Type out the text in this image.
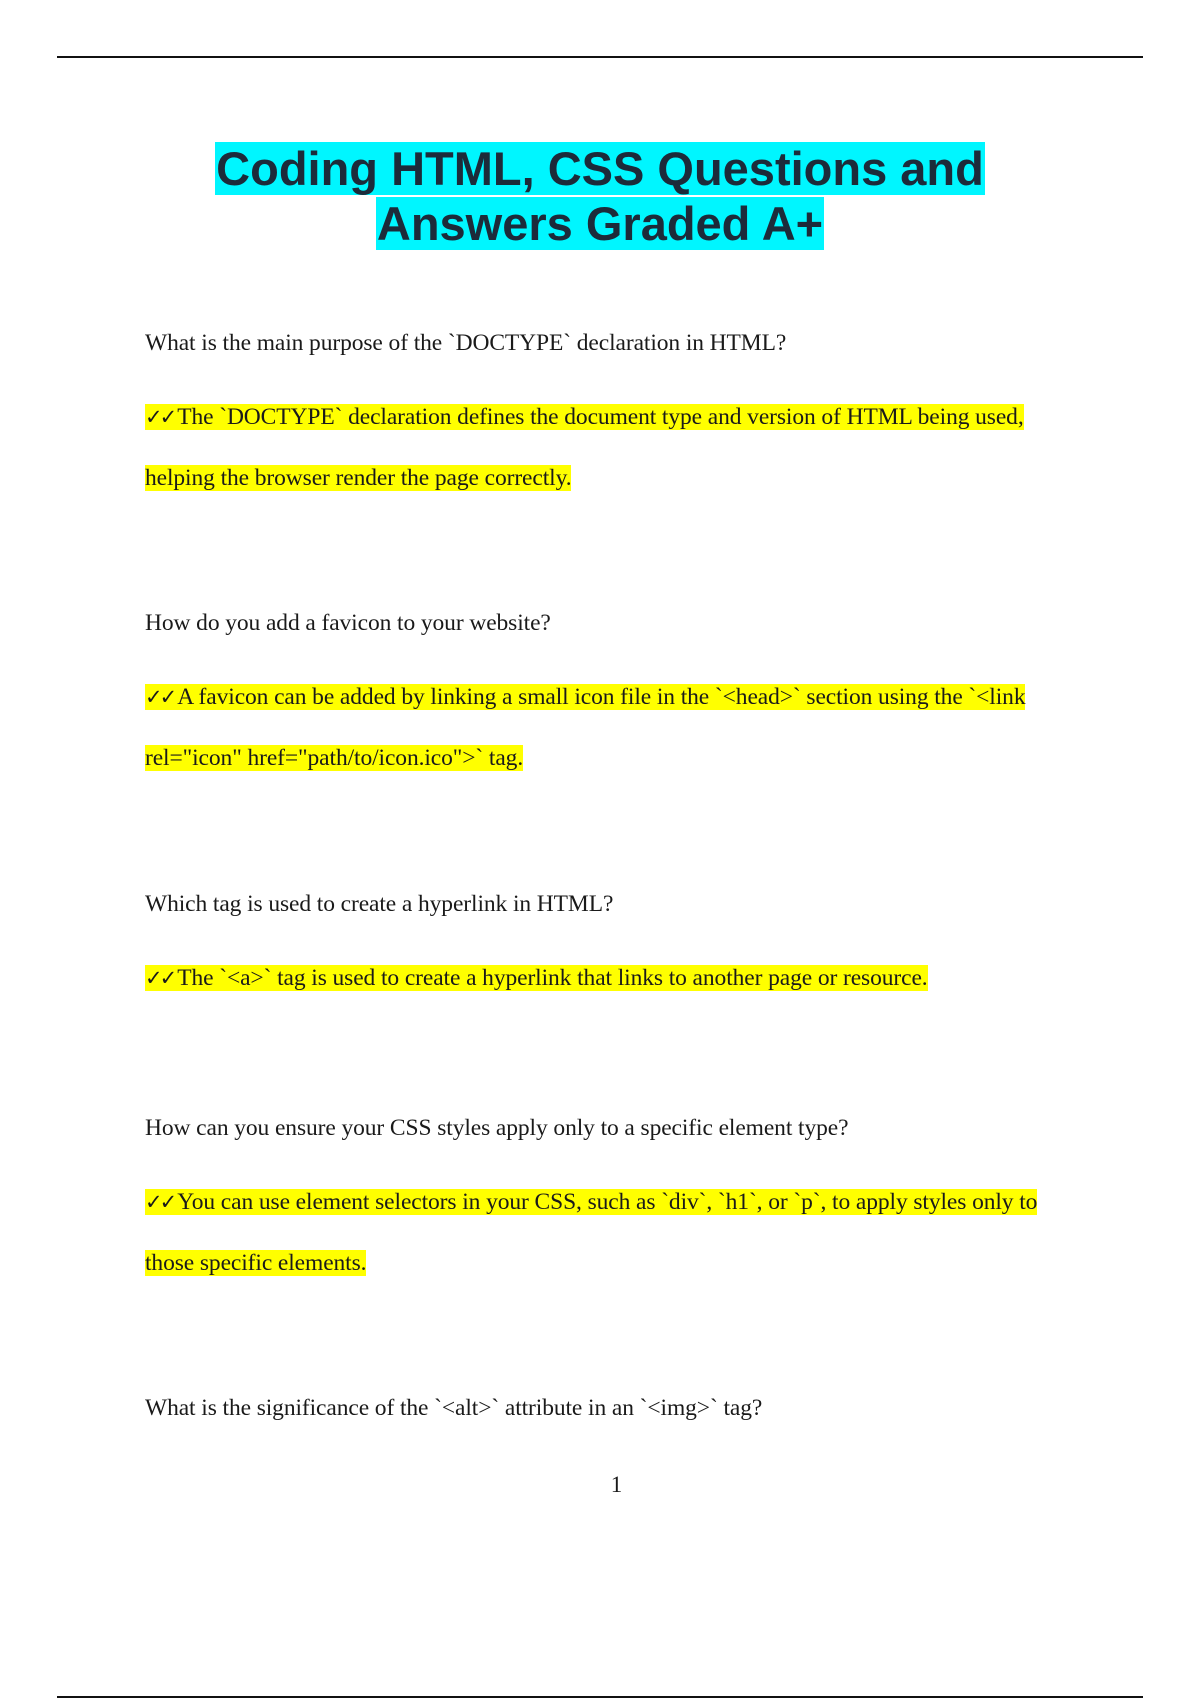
Coding HTML, CSS Questions and
Answers Graded A+

What is the main purpose of the `DOCTYPE` declaration in HTML?

✓✓ The `DOCTYPE` declaration defines the document type and version of HTML being used, helping the browser render the page correctly.

How do you add a favicon to your website?

✓✓ A favicon can be added by linking a small icon file in the `<head>` section using the `<link rel="icon" href="path/to/icon.ico">` tag.

Which tag is used to create a hyperlink in HTML?

✓✓ The `<a>` tag is used to create a hyperlink that links to another page or resource.

How can you ensure your CSS styles apply only to a specific element type?

✓✓ You can use element selectors in your CSS, such as `div`, `h1`, or `p`, to apply styles only to those specific elements.

What is the significance of the `<alt>` attribute in an `<img>` tag?

1
